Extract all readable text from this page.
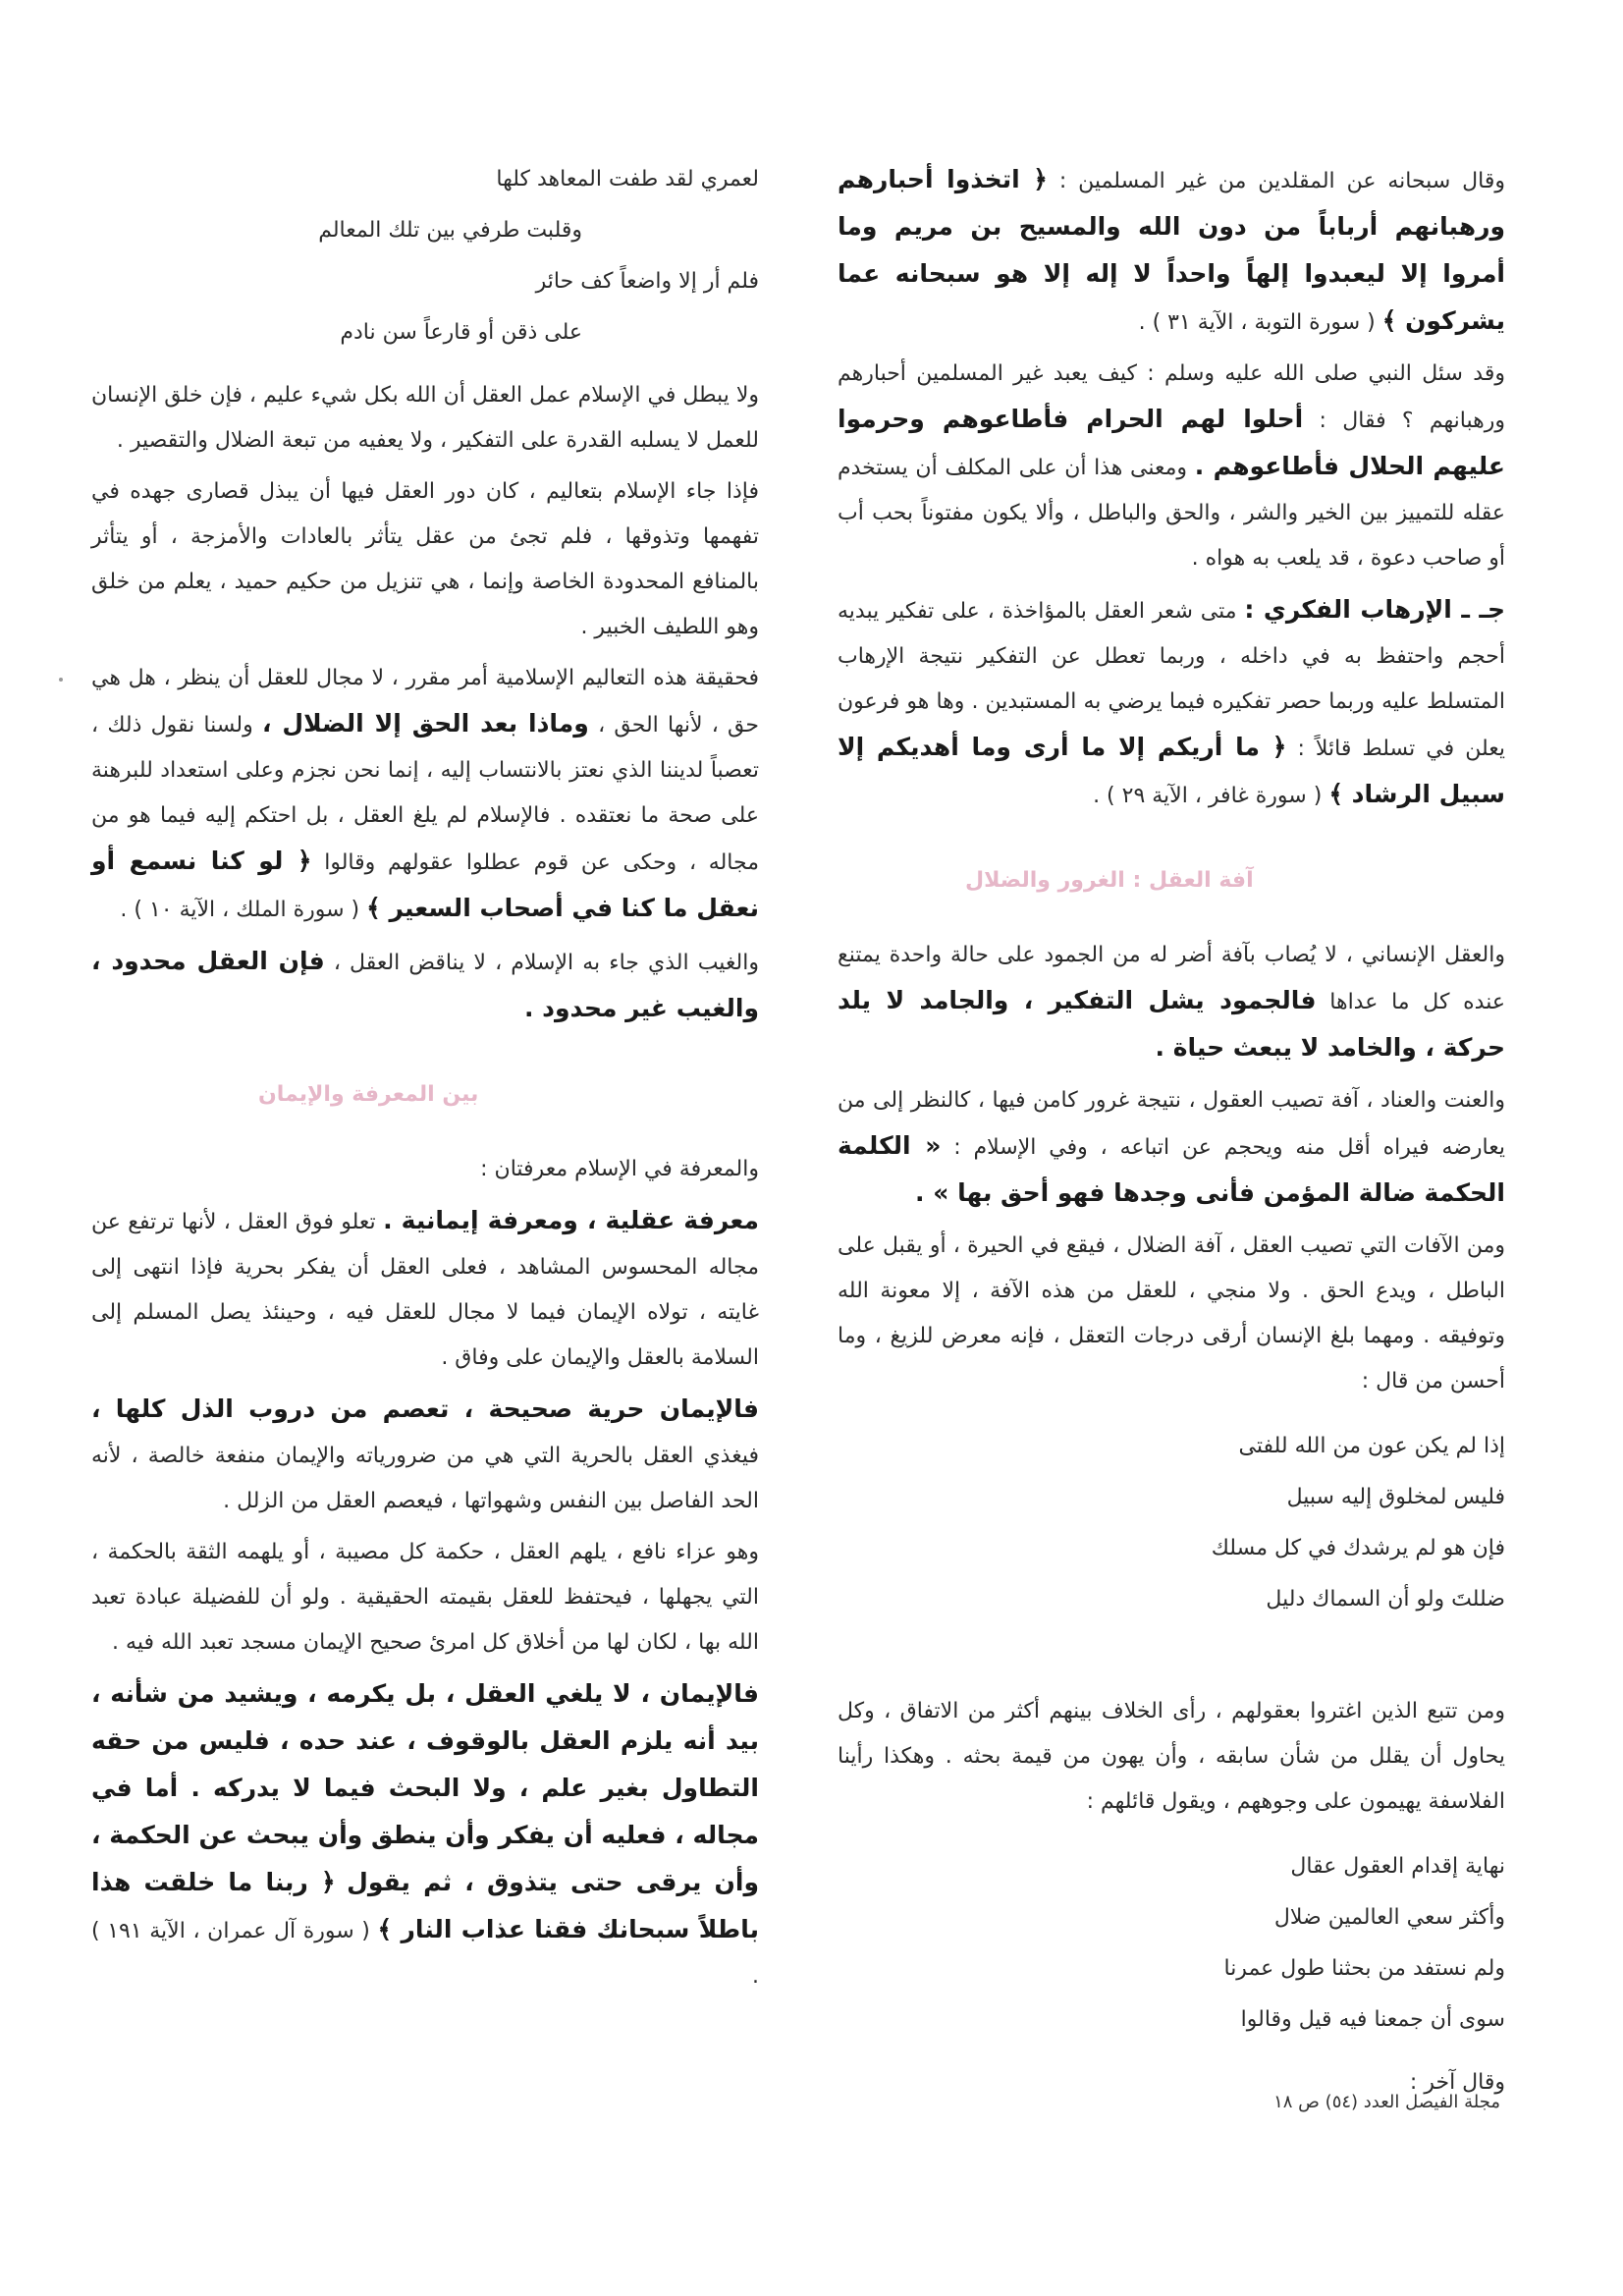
وقال سبحانه عن المقلدين من غير المسلمين : ﴿ اتخذوا أحبارهم ورهبانهم أرباباً من دون الله والمسيح بن مريم وما أمروا إلا ليعبدوا إلهاً واحداً لا إله إلا هو سبحانه عما يشركون ﴾ ( سورة التوبة ، الآية ٣١ ) .

وقد سئل النبي صلى الله عليه وسلم : كيف يعبد غير المسلمين أحبارهم ورهبانهم ؟ فقال : أحلوا لهم الحرام فأطاعوهم وحرموا عليهم الحلال فأطاعوهم . ومعنى هذا أن على المكلف أن يستخدم عقله للتمييز بين الخير والشر ، والحق والباطل ، وألا يكون مفتوناً بحب أب أو صاحب دعوة ، قد يلعب به هواه .

جـ ـ الإرهاب الفكري : متى شعر العقل بالمؤاخذة ، على تفكير يبديه أحجم واحتفظ به في داخله ، وربما تعطل عن التفكير نتيجة الإرهاب المتسلط عليه وربما حصر تفكيره فيما يرضي به المستبدين . وها هو فرعون يعلن في تسلط قائلاً : ﴿ ما أريكم إلا ما أرى وما أهديكم إلا سبيل الرشاد ﴾ ( سورة غافر ، الآية ٢٩ ) .

آفة العقل : الغرور والضلال

والعقل الإنساني ، لا يُصاب بآفة أضر له من الجمود على حالة واحدة يمتنع عنده كل ما عداها فالجمود يشل التفكير ، والجامد لا يلد حركة ، والخامد لا يبعث حياة .

والعنت والعناد ، آفة تصيب العقول ، نتيجة غرور كامن فيها ، كالنظر إلى من يعارضه فيراه أقل منه ويحجم عن اتباعه ، وفي الإسلام : « الكلمة الحكمة ضالة المؤمن فأنى وجدها فهو أحق بها » .

ومن الآفات التي تصيب العقل ، آفة الضلال ، فيقع في الحيرة ، أو يقبل على الباطل ، ويدع الحق . ولا منجي ، للعقل من هذه الآفة ، إلا معونة الله وتوفيقه . ومهما بلغ الإنسان أرقى درجات التعقل ، فإنه معرض للزيغ ، وما أحسن من قال :

إذا لم يكن عون من الله للفتى
فليس لمخلوق إليه سبيل
فإن هو لم يرشدك في كل مسلك
ضللتَ ولو أن السماك دليل

ومن تتبع الذين اغتروا بعقولهم ، رأى الخلاف بينهم أكثر من الاتفاق ، وكل يحاول أن يقلل من شأن سابقه ، وأن يهون من قيمة بحثه . وهكذا رأينا الفلاسفة يهيمون على وجوههم ، ويقول قائلهم :

نهاية إقدام العقول عقال
وأكثر سعي العالمين ضلال
ولم نستفد من بحثنا طول عمرنا
سوى أن جمعنا فيه قيل وقالوا

وقال آخر :

لعمري لقد طفت المعاهد كلها
وقلبت طرفي بين تلك المعالم
فلم أر إلا واضعاً كف حائر
على ذقن أو قارعاً سن نادم

ولا يبطل في الإسلام عمل العقل أن الله بكل شيء عليم ، فإن خلق الإنسان للعمل لا يسلبه القدرة على التفكير ، ولا يعفيه من تبعة الضلال والتقصير .

فإذا جاء الإسلام بتعاليم ، كان دور العقل فيها أن يبذل قصارى جهده في تفهمها وتذوقها ، فلم تجئ من عقل يتأثر بالعادات والأمزجة ، أو يتأثر بالمنافع المحدودة الخاصة وإنما ، هي تنزيل من حكيم حميد ، يعلم من خلق وهو اللطيف الخبير .

فحقيقة هذه التعاليم الإسلامية أمر مقرر ، لا مجال للعقل أن ينظر ، هل هي حق ، لأنها الحق ، وماذا بعد الحق إلا الضلال ، ولسنا نقول ذلك ، تعصباً لديننا الذي نعتز بالانتساب إليه ، إنما نحن نجزم وعلى استعداد للبرهنة على صحة ما نعتقده . فالإسلام لم يلغ العقل ، بل احتكم إليه فيما هو من مجاله ، وحكى عن قوم عطلوا عقولهم وقالوا ﴿ لو كنا نسمع أو نعقل ما كنا في أصحاب السعير ﴾ ( سورة الملك ، الآية ١٠ ) .

والغيب الذي جاء به الإسلام ، لا يناقض العقل ، فإن العقل محدود ، والغيب غير محدود .

بين المعرفة والإيمان

والمعرفة في الإسلام معرفتان :

معرفة عقلية ، ومعرفة إيمانية . تعلو فوق العقل ، لأنها ترتفع عن مجاله المحسوس المشاهد ، فعلى العقل أن يفكر بحرية فإذا انتهى إلى غايته ، تولاه الإيمان فيما لا مجال للعقل فيه ، وحينئذ يصل المسلم إلى السلامة بالعقل والإيمان على وفاق .

فالإيمان حرية صحيحة ، تعصم من دروب الذل كلها ، فيغذي العقل بالحرية التي هي من ضرورياته والإيمان منفعة خالصة ، لأنه الحد الفاصل بين النفس وشهواتها ، فيعصم العقل من الزلل .

وهو عزاء نافع ، يلهم العقل ، حكمة كل مصيبة ، أو يلهمه الثقة بالحكمة ، التي يجهلها ، فيحتفظ للعقل بقيمته الحقيقية . ولو أن للفضيلة عبادة تعبد الله بها ، لكان لها من أخلاق كل امرئ صحيح الإيمان مسجد تعبد الله فيه .

فالإيمان ، لا يلغي العقل ، بل يكرمه ، ويشيد من شأنه ، بيد أنه يلزم العقل بالوقوف ، عند حده ، فليس من حقه التطاول بغير علم ، ولا البحث فيما لا يدركه . أما في مجاله ، فعليه أن يفكر وأن ينطق وأن يبحث عن الحكمة ، وأن يرقى حتى يتذوق ، ثم يقول ﴿ ربنا ما خلقت هذا باطلاً سبحانك فقنا عذاب النار ﴾ ( سورة آل عمران ، الآية ١٩١ ) .

مجلة الفيصل العدد (٥٤) ص ١٨
